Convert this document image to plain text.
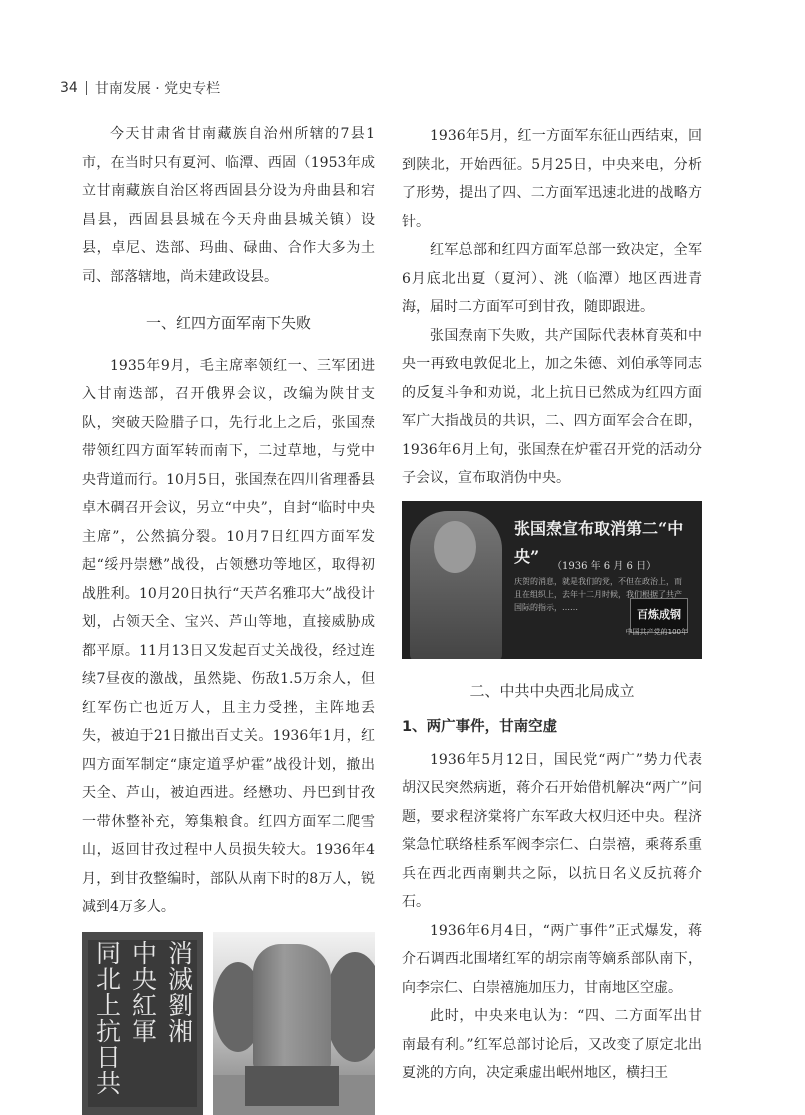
34 甘南发展 · 党史专栏

今天甘肃省甘南藏族自治州所辖的7县1市，在当时只有夏河、临潭、西固（1953年成立甘南藏族自治区将西固县分设为舟曲县和宕昌县，西固县县城在今天舟曲县城关镇）设县，卓尼、迭部、玛曲、碌曲、合作大多为土司、部落辖地，尚未建政设县。

一、红四方面军南下失败

1935年9月，毛主席率领红一、三军团进入甘南迭部，召开俄界会议，改编为陕甘支队，突破天险腊子口，先行北上之后，张国焘带领红四方面军转而南下，二过草地，与党中央背道而行。10月5日，张国焘在四川省理番县卓木碉召开会议，另立“中央”，自封“临时中央主席”，公然搞分裂。10月7日红四方面军发起“绥丹崇懋”战役，占领懋功等地区，取得初战胜利。10月20日执行“天芦名雅邛大”战役计划，占领天全、宝兴、芦山等地，直接威胁成都平原。11月13日又发起百丈关战役，经过连续7昼夜的激战，虽然毙、伤敌1.5万余人，但红军伤亡也近万人，且主力受挫，主阵地丢失，被迫于21日撤出百丈关。1936年1月，红四方面军制定“康定道孚炉霍”战役计划，撤出天全、芦山，被迫西进。经懋功、丹巴到甘孜一带休整补充，筹集粮食。红四方面军二爬雪山，返回甘孜过程中人员损失较大。1936年4月，到甘孜整编时，部队从南下时的8万人，锐减到4万多人。

消滅劉湘
中央紅軍
同北上抗日共

1936年5月，红一方面军东征山西结束，回到陕北，开始西征。5月25日，中央来电，分析了形势，提出了四、二方面军迅速北进的战略方针。

红军总部和红四方面军总部一致决定，全军6月底北出夏（夏河）、洮（临潭）地区西进青海，届时二方面军可到甘孜，随即跟进。

张国焘南下失败，共产国际代表林育英和中央一再致电敦促北上，加之朱德、刘伯承等同志的反复斗争和劝说，北上抗日已然成为红四方面军广大指战员的共识，二、四方面军会合在即，1936年6月上旬，张国焘在炉霍召开党的活动分子会议，宣布取消伪中央。

张国焘宣布取消第二“中央”	（1936 年 6 月 6 日）
庆贺的消息，就是我们的党，不但在政治上，而且在组织上，去年十二月时候，我们根据了共产国际的指示，……
百炼成钢
中国共产党的100年
二、中共中央西北局成立
1、两广事件，甘南空虚

1936年5月12日，国民党“两广”势力代表胡汉民突然病逝，蒋介石开始借机解决“两广”问题，要求程济棠将广东军政大权归还中央。程济棠急忙联络桂系军阀李宗仁、白崇禧，乘蒋系重兵在西北西南剿共之际，以抗日名义反抗蒋介石。

1936年6月4日，“两广事件”正式爆发，蒋介石调西北围堵红军的胡宗南等嫡系部队南下，向李宗仁、白崇禧施加压力，甘南地区空虚。

此时，中央来电认为：“四、二方面军出甘南最有利。”红军总部讨论后，又改变了原定北出夏洮的方向，决定乘虚出岷州地区，横扫王
